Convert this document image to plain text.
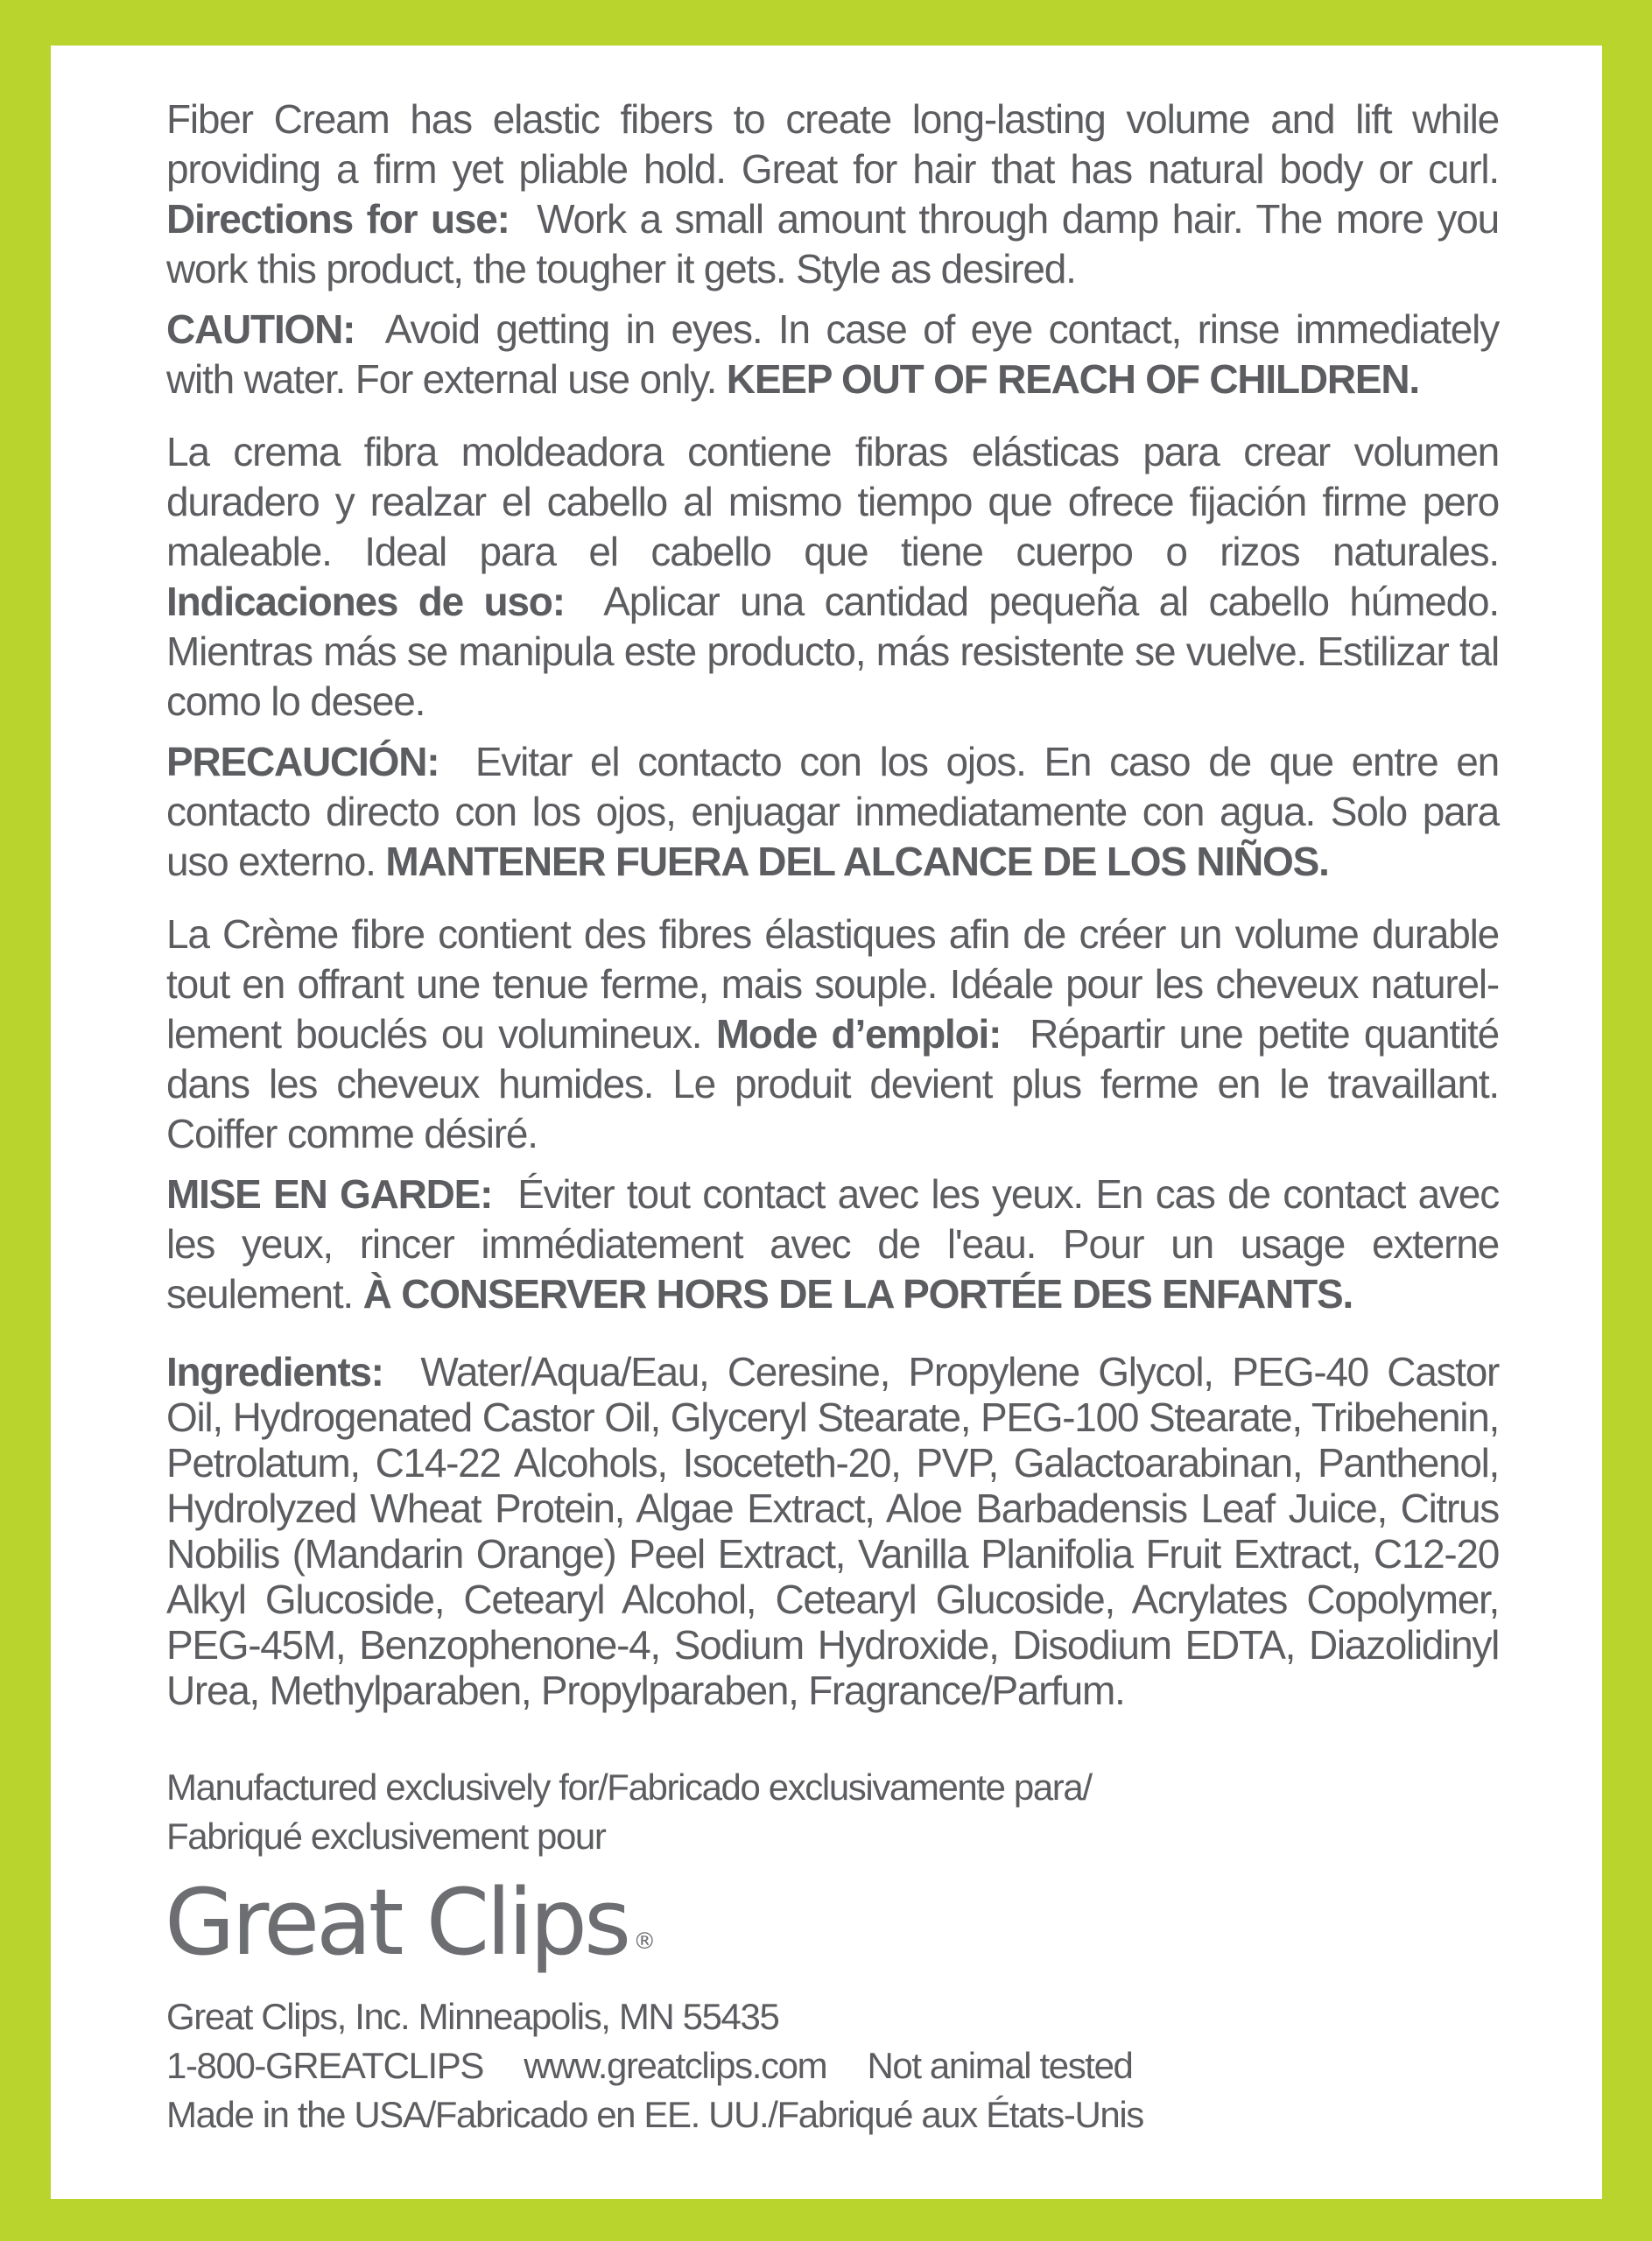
Fiber Cream has elastic fibers to create long-lasting volume and lift while providing a firm yet pliable hold. Great for hair that has natural body or curl. Directions for use: Work a small amount through damp hair. The more you work this product, the tougher it gets. Style as desired.

CAUTION: Avoid getting in eyes. In case of eye contact, rinse immediately with water. For external use only. KEEP OUT OF REACH OF CHILDREN.

La crema fibra moldeadora contiene fibras elásticas para crear volumen duradero y realzar el cabello al mismo tiempo que ofrece fijación firme pero maleable. Ideal para el cabello que tiene cuerpo o rizos naturales. Indicaciones de uso: Aplicar una cantidad pequeña al cabello húmedo. Mientras más se manipula este producto, más resistente se vuelve. Estilizar tal como lo desee.

PRECAUCIÓN: Evitar el contacto con los ojos. En caso de que entre en contacto directo con los ojos, enjuagar inmediatamente con agua. Solo para uso externo. MANTENER FUERA DEL ALCANCE DE LOS NIÑOS.

La Crème fibre contient des fibres élastiques afin de créer un volume durable tout en offrant une tenue ferme, mais souple. Idéale pour les cheveux naturel-lement bouclés ou volumineux. Mode d’emploi: Répartir une petite quantité dans les cheveux humides. Le produit devient plus ferme en le travaillant. Coiffer comme désiré.

MISE EN GARDE: Éviter tout contact avec les yeux. En cas de contact avec les yeux, rincer immédiatement avec de l'eau. Pour un usage externe seulement. À CONSERVER HORS DE LA PORTÉE DES ENFANTS.

Ingredients: Water/Aqua/Eau, Ceresine, Propylene Glycol, PEG-40 Castor Oil, Hydrogenated Castor Oil, Glyceryl Stearate, PEG-100 Stearate, Tribehenin, Petrolatum, C14-22 Alcohols, Isoceteth-20, PVP, Galactoarabinan, Panthenol, Hydrolyzed Wheat Protein, Algae Extract, Aloe Barbadensis Leaf Juice, Citrus Nobilis (Mandarin Orange) Peel Extract, Vanilla Planifolia Fruit Extract, C12-20 Alkyl Glucoside, Cetearyl Alcohol, Cetearyl Glucoside, Acrylates Copolymer, PEG-45M, Benzophenone-4, Sodium Hydroxide, Disodium EDTA, Diazolidinyl Urea, Methylparaben, Propylparaben, Fragrance/Parfum.

Manufactured exclusively for/Fabricado exclusivamente para/

Fabriqué exclusivement pour

Great Clips ®

Great Clips, Inc. Minneapolis, MN 55435

1-800-GREATCLIPS www.greatclips.com Not animal tested

Made in the USA/Fabricado en EE. UU./Fabriqué aux États-Unis
